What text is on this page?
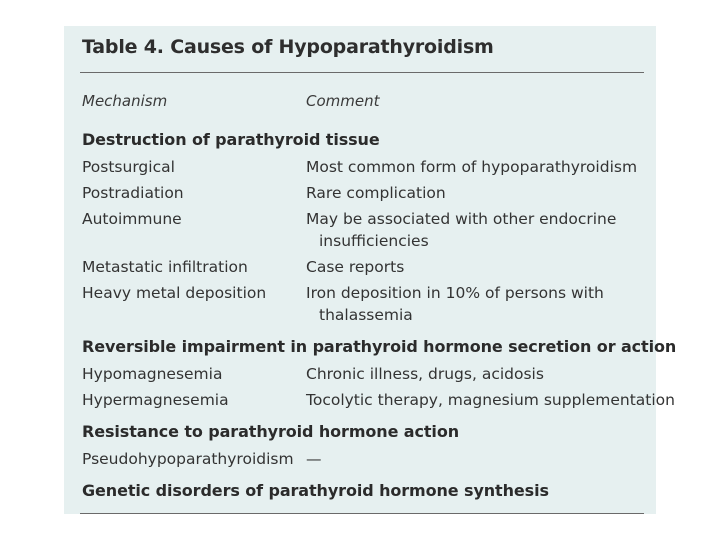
Table 4. Causes of Hypoparathyroidism
Mechanism	Comment
Destruction of parathyroid tissue
Postsurgical	Most common form of hypoparathyroidism
Postradiation	Rare complication
Autoimmune	May be associated with other endocrine
insufficiencies
Metastatic infiltration	Case reports
Heavy metal deposition	Iron deposition in 10% of persons with
thalassemia
Reversible impairment in parathyroid hormone secretion or action
Hypomagnesemia	Chronic illness, drugs, acidosis
Hypermagnesemia	Tocolytic therapy, magnesium supplementation
Resistance to parathyroid hormone action
Pseudohypoparathyroidism —
Genetic disorders of parathyroid hormone synthesis
